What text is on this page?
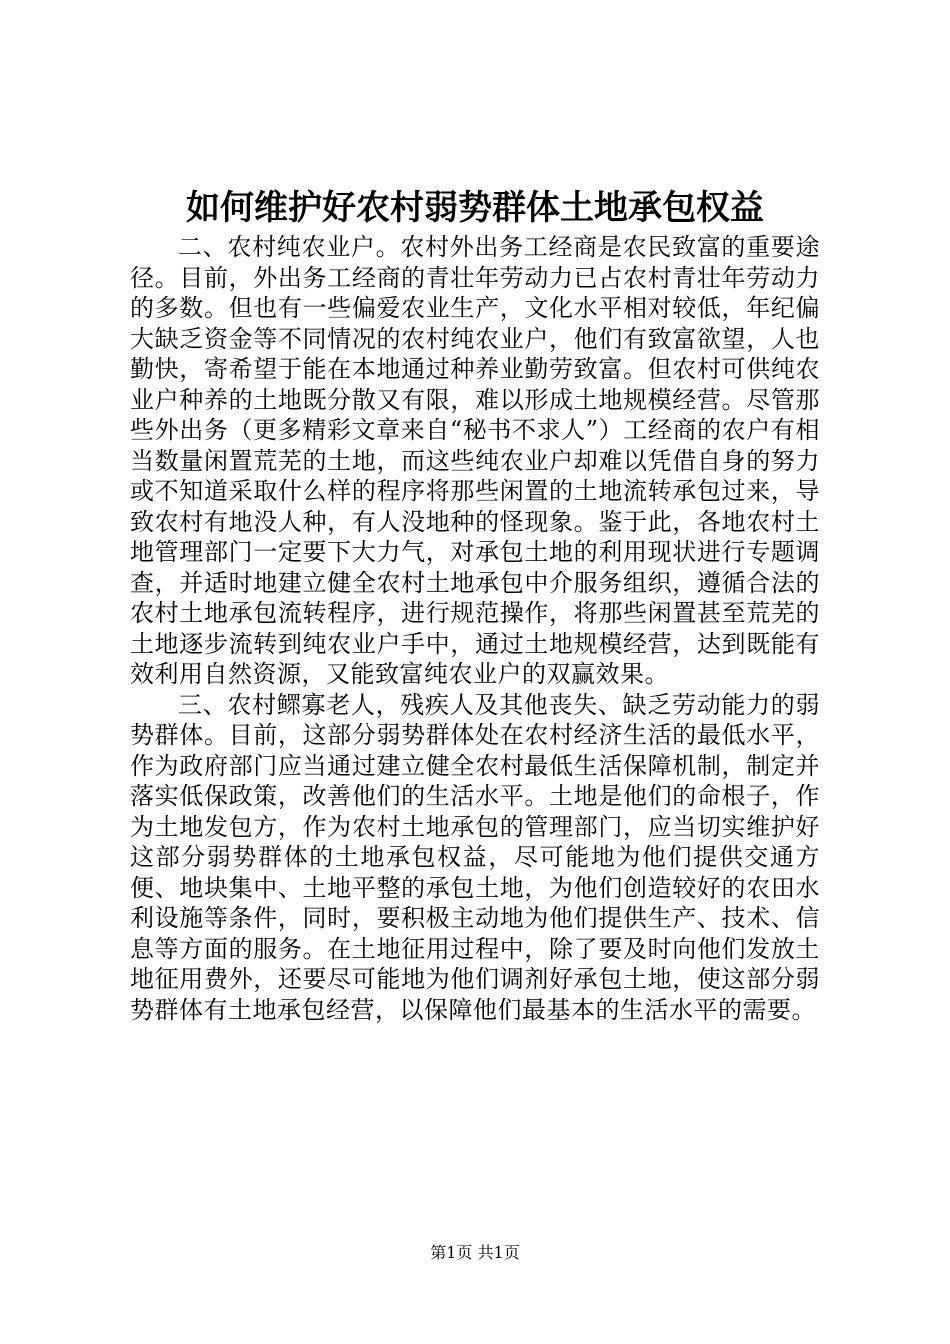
如何维护好农村弱势群体土地承包权益

二、农村纯农业户。农村外出务工经商是农民致富的重要途径。目前，外出务工经商的青壮年劳动力已占农村青壮年劳动力的多数。但也有一些偏爱农业生产，文化水平相对较低，年纪偏大缺乏资金等不同情况的农村纯农业户，他们有致富欲望，人也勤快，寄希望于能在本地通过种养业勤劳致富。但农村可供纯农业户种养的土地既分散又有限，难以形成土地规模经营。尽管那些外出务（更多精彩文章来自“秘书不求人”）工经商的农户有相当数量闲置荒芜的土地，而这些纯农业户却难以凭借自身的努力或不知道采取什么样的程序将那些闲置的土地流转承包过来，导致农村有地没人种，有人没地种的怪现象。鉴于此，各地农村土地管理部门一定要下大力气，对承包土地的利用现状进行专题调查，并适时地建立健全农村土地承包中介服务组织，遵循合法的农村土地承包流转程序，进行规范操作，将那些闲置甚至荒芜的土地逐步流转到纯农业户手中，通过土地规模经营，达到既能有效利用自然资源，又能致富纯农业户的双赢效果。

三、农村鳏寡老人，残疾人及其他丧失、缺乏劳动能力的弱势群体。目前，这部分弱势群体处在农村经济生活的最低水平，作为政府部门应当通过建立健全农村最低生活保障机制，制定并落实低保政策，改善他们的生活水平。土地是他们的命根子，作为土地发包方，作为农村土地承包的管理部门，应当切实维护好这部分弱势群体的土地承包权益，尽可能地为他们提供交通方便、地块集中、土地平整的承包土地，为他们创造较好的农田水利设施等条件，同时，要积极主动地为他们提供生产、技术、信息等方面的服务。在土地征用过程中，除了要及时向他们发放土地征用费外，还要尽可能地为他们调剂好承包土地，使这部分弱势群体有土地承包经营，以保障他们最基本的生活水平的需要。

第1页 共1页
